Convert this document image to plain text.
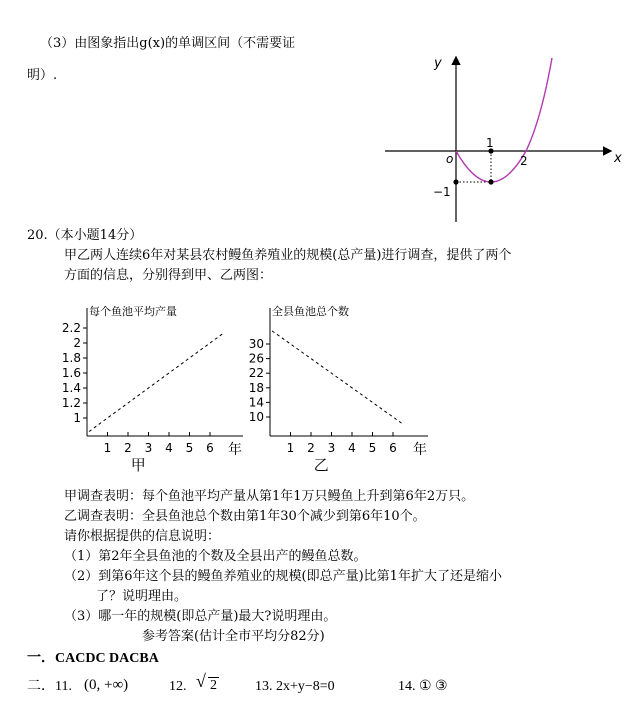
（3）由图象指出g(x)的单调区间（不需要证
明）.
y
x
o
1
2
−1
20.（本小题14分）
甲乙两人连续6年对某县农村鳗鱼养殖业的规模(总产量)进行调查，提供了两个
方面的信息，分别得到甲、乙两图：
每个鱼池平均产量
1
1.2
1.4
1.6
1.8
2
2.2
1 2 3 4 5 6 年
甲
全县鱼池总个数
10
14
18
22
26
30
1 2 3 4 5 6 年
乙
甲调查表明：每个鱼池平均产量从第1年1万只鳗鱼上升到第6年2万只。
乙调查表明：全县鱼池总个数由第1年30个减少到第6年10个。
请你根据提供的信息说明：
（1）第2年全县鱼池的个数及全县出产的鳗鱼总数。
（2）到第6年这个县的鳗鱼养殖业的规模(即总产量)比第1年扩大了还是缩小
了？说明理由。
（3）哪一年的规模(即总产量)最大?说明理由。
参考答案(估计全市平均分82分)
一．CACDC DACBA
二．11. (0, +∞)	12. √ 2	13. 2x+y−8=0	14. ① ③
